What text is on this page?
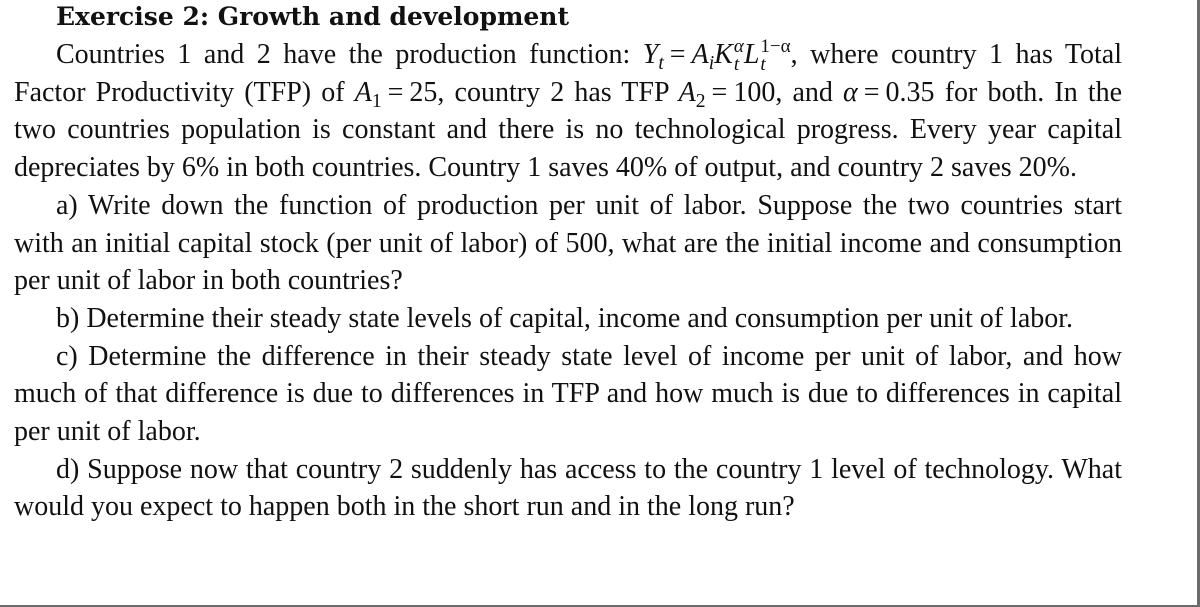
Exercise 2: Growth and development

Countries 1 and 2 have the production function: $Y_t = A_iK$ α
t L 1−α
t , where country 1 has Total Factor Productivity (TFP) of $A_1 = 25$, country 2 has TFP $A_2 = 100$, and α = 0.35 for both. In the two countries population is constant and there is no technological progress. Every year capital depreciates by 6% in both countries. Country 1 saves 40% of output, and country 2 saves 20%.

a) Write down the function of production per unit of labor. Suppose the two countries start with an initial capital stock (per unit of labor) of 500, what are the initial income and consumption per unit of labor in both countries?

b) Determine their steady state levels of capital, income and consumption per unit of labor.

c) Determine the difference in their steady state level of income per unit of labor, and how much of that difference is due to differences in TFP and how much is due to differences in capital per unit of labor.

d) Suppose now that country 2 suddenly has access to the country 1 level of technology. What would you expect to happen both in the short run and in the long run?
